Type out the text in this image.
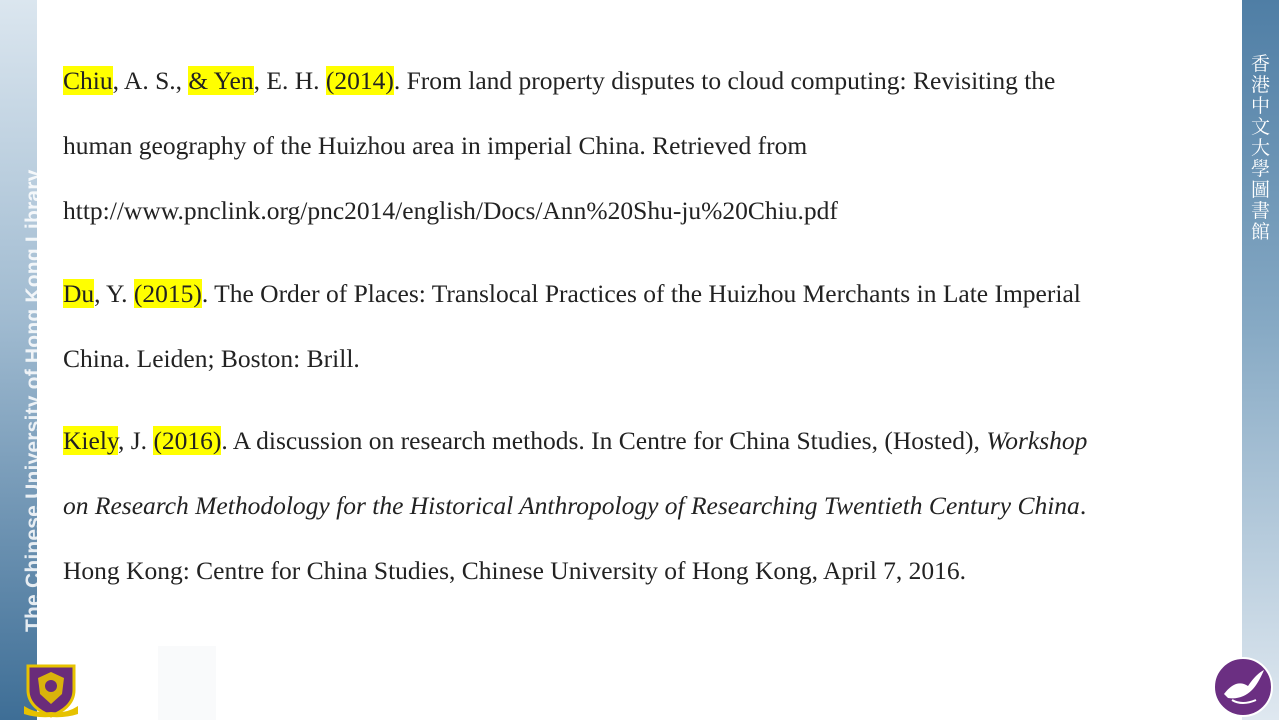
The Chinese University of Hong Kong Library
香
港
中
文
大
學
圖
書
館
Chiu, A. S., & Yen, E. H. (2014). From land property disputes to cloud computing: Revisiting the
human geography of the Huizhou area in imperial China. Retrieved from
http://www.pnclink.org/pnc2014/english/Docs/Ann%20Shu-ju%20Chiu.pdf
Du, Y. (2015). The Order of Places: Translocal Practices of the Huizhou Merchants in Late Imperial
China. Leiden; Boston: Brill.
Kiely, J. (2016). A discussion on research methods. In Centre for China Studies, (Hosted), Workshop
on Research Methodology for the Historical Anthropology of Researching Twentieth Century China.
Hong Kong: Centre for China Studies, Chinese University of Hong Kong, April 7, 2016.
